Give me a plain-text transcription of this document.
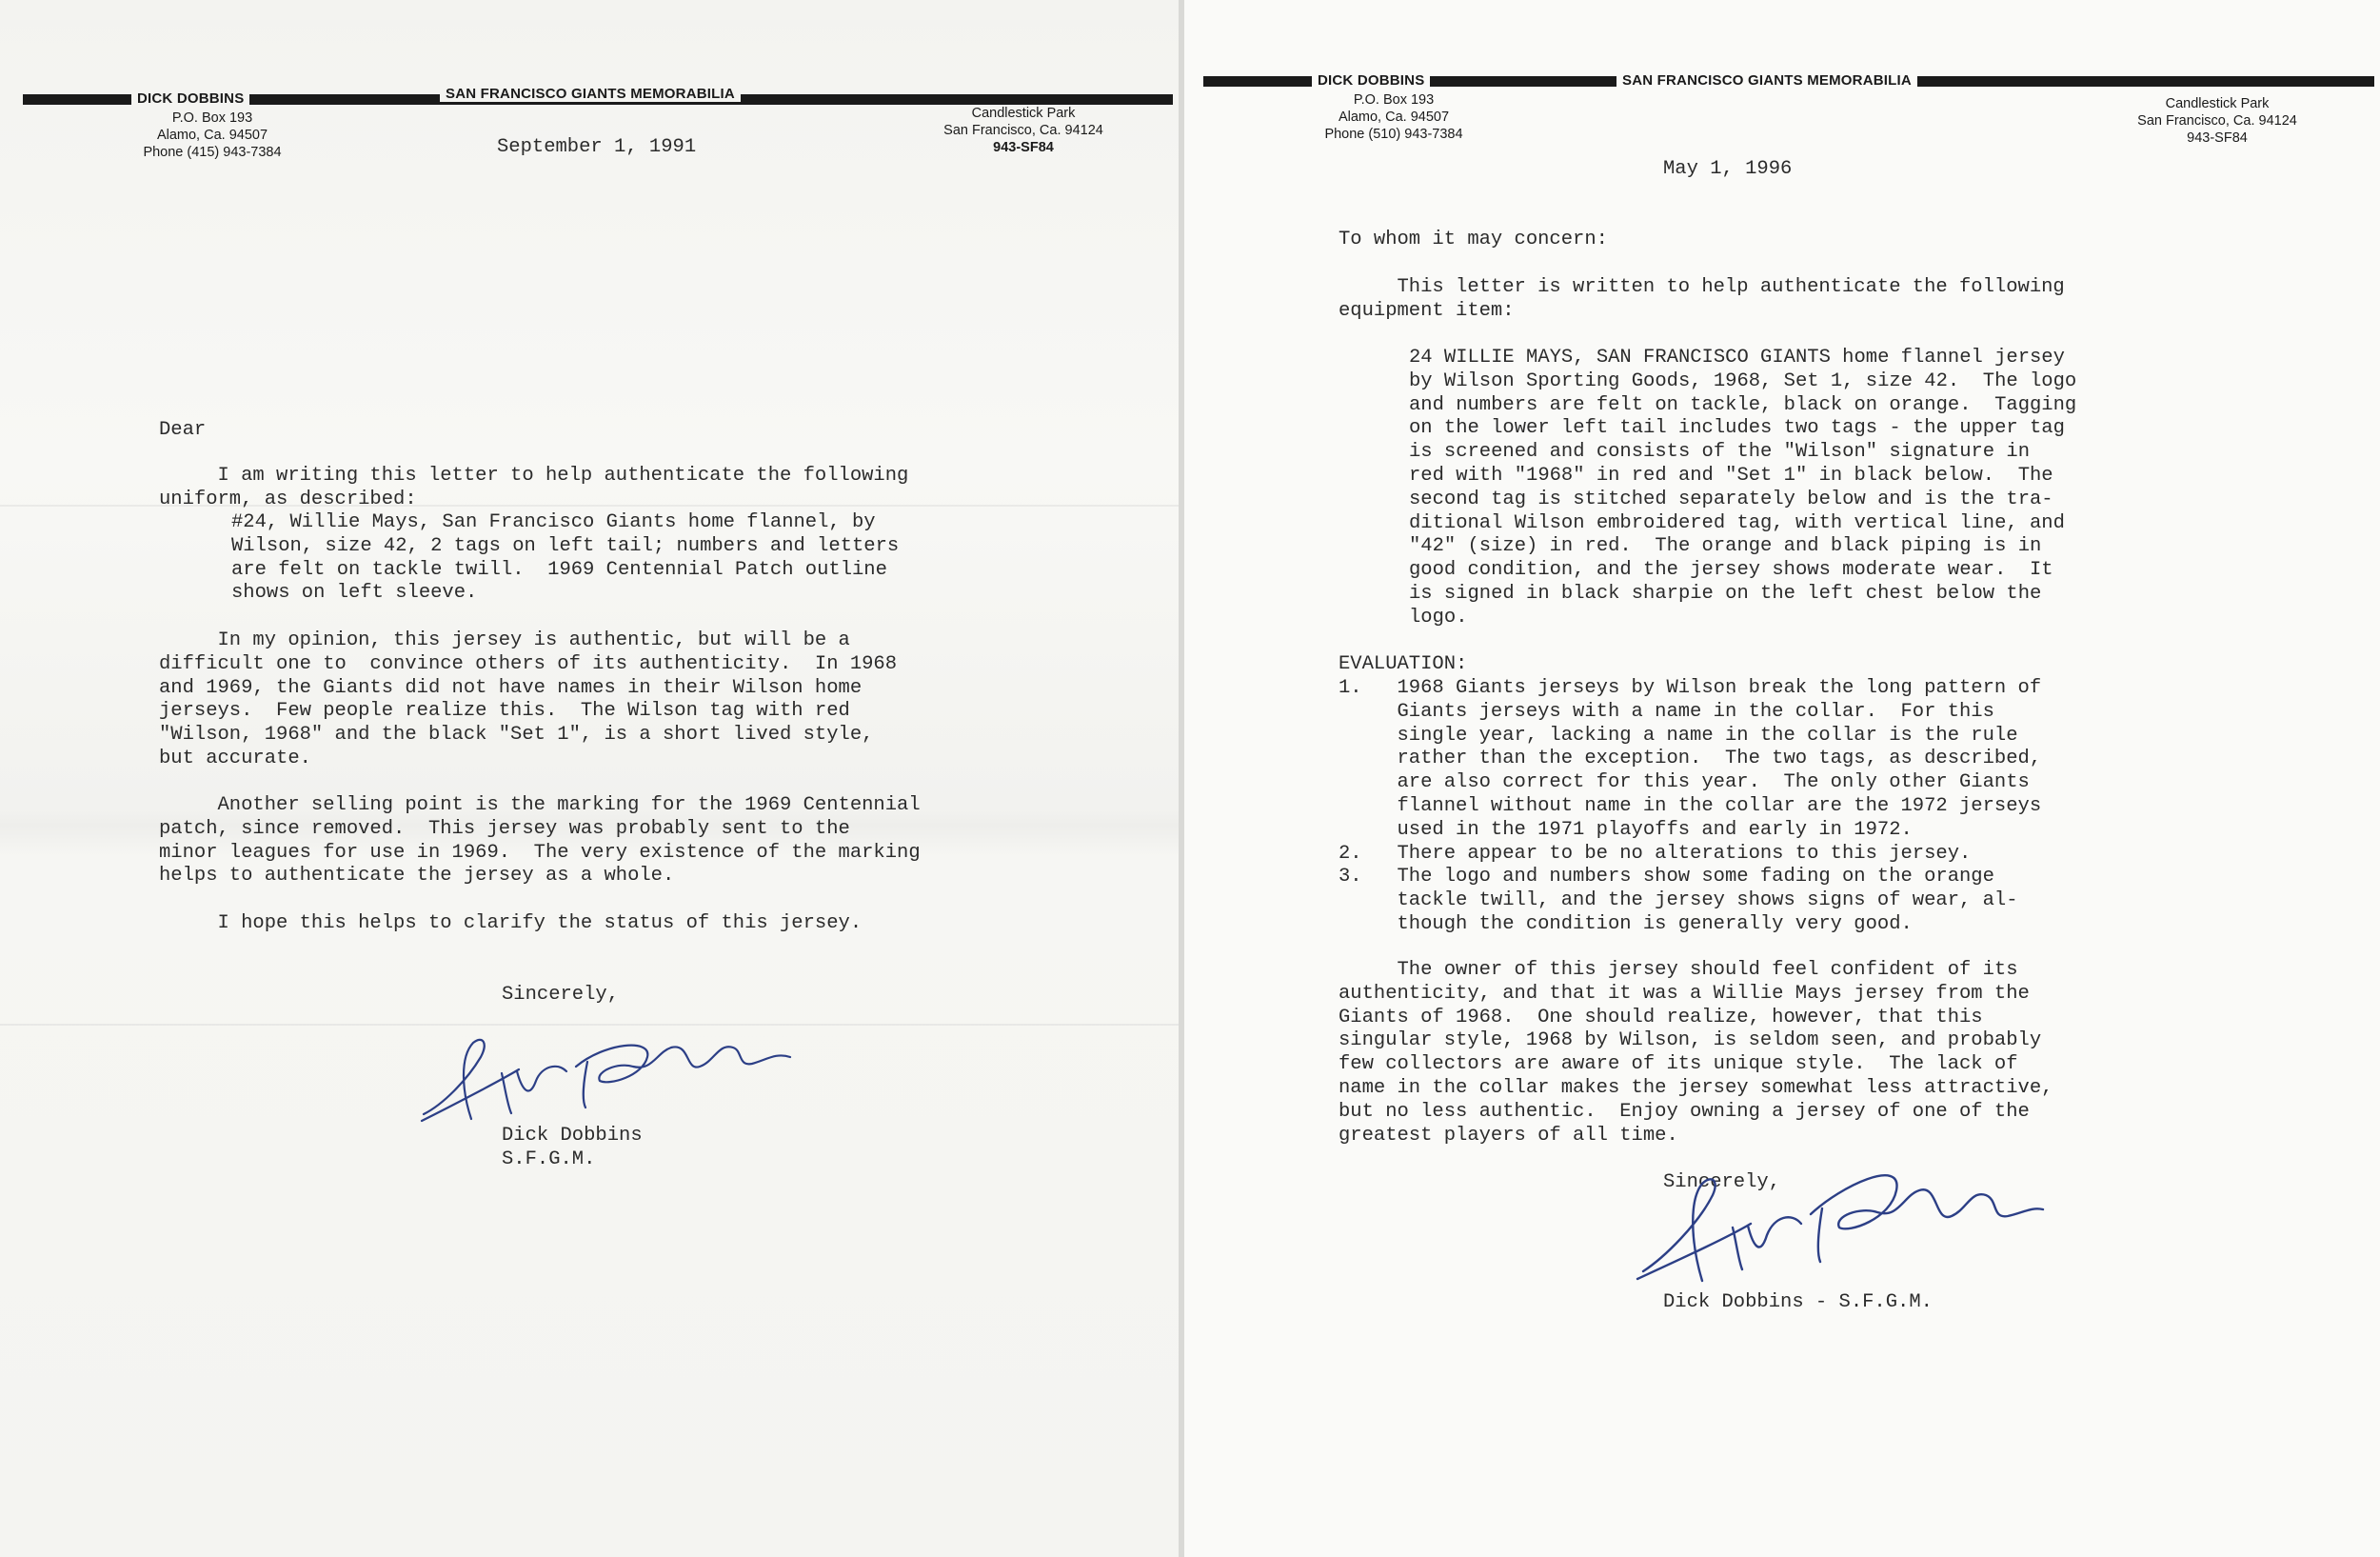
DICK DOBBINS	SAN FRANCISCO GIANTS MEMORABILIA
P.O. Box 193
Alamo, Ca. 94507
Phone (415) 943-7384
Candlestick Park
San Francisco, Ca. 94124
943-SF84
September 1, 1991
Dear
I am writing this letter to help authenticate the following
uniform, as described:
#24, Willie Mays, San Francisco Giants home flannel, by
Wilson, size 42, 2 tags on left tail; numbers and letters
are felt on tackle twill.  1969 Centennial Patch outline
shows on left sleeve.
In my opinion, this jersey is authentic, but will be a
difficult one to  convince others of its authenticity.  In 1968
and 1969, the Giants did not have names in their Wilson home
jerseys.  Few people realize this.  The Wilson tag with red
"Wilson, 1968" and the black "Set 1", is a short lived style,
but accurate.
Another selling point is the marking for the 1969 Centennial
patch, since removed.  This jersey was probably sent to the
minor leagues for use in 1969.  The very existence of the marking
helps to authenticate the jersey as a whole.
I hope this helps to clarify the status of this jersey.
Sincerely,
Dick Dobbins
S.F.G.M.
DICK DOBBINS	SAN FRANCISCO GIANTS MEMORABILIA
P.O. Box 193
Alamo, Ca. 94507
Phone (510) 943-7384
Candlestick Park
San Francisco, Ca. 94124
943-SF84
May 1, 1996
To whom it may concern:
This letter is written to help authenticate the following
equipment item:
24 WILLIE MAYS, SAN FRANCISCO GIANTS home flannel jersey
by Wilson Sporting Goods, 1968, Set 1, size 42.  The logo
and numbers are felt on tackle, black on orange.  Tagging
on the lower left tail includes two tags - the upper tag
is screened and consists of the "Wilson" signature in
red with "1968" in red and "Set 1" in black below.  The
second tag is stitched separately below and is the tra-
ditional Wilson embroidered tag, with vertical line, and
"42" (size) in red.  The orange and black piping is in
good condition, and the jersey shows moderate wear.  It
is signed in black sharpie on the left chest below the
logo.
EVALUATION:
1.   1968 Giants jerseys by Wilson break the long pattern of
Giants jerseys with a name in the collar.  For this
single year, lacking a name in the collar is the rule
rather than the exception.  The two tags, as described,
are also correct for this year.  The only other Giants
flannel without name in the collar are the 1972 jerseys
used in the 1971 playoffs and early in 1972.
2.   There appear to be no alterations to this jersey.
3.   The logo and numbers show some fading on the orange
tackle twill, and the jersey shows signs of wear, al-
though the condition is generally very good.
The owner of this jersey should feel confident of its
authenticity, and that it was a Willie Mays jersey from the
Giants of 1968.  One should realize, however, that this
singular style, 1968 by Wilson, is seldom seen, and probably
few collectors are aware of its unique style.  The lack of
name in the collar makes the jersey somewhat less attractive,
but no less authentic.  Enjoy owning a jersey of one of the
greatest players of all time.
Sincerely,
Dick Dobbins - S.F.G.M.
